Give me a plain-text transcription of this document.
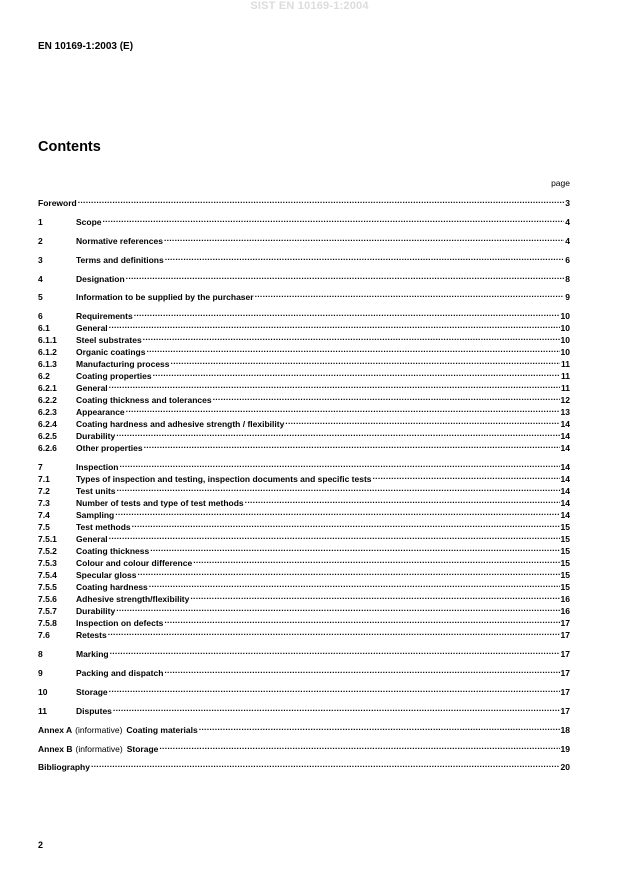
SIST EN 10169-1:2004
EN 10169-1:2003 (E)
Contents
page
Foreword .....	3
1	Scope .....	4
2	Normative references .....	4
3	Terms and definitions .....	6
4	Designation .....	8
5	Information to be supplied by the purchaser .....	9
6	Requirements .....	10
6.1	General .....	10
6.1.1	Steel substrates .....	10
6.1.2	Organic coatings .....	10
6.1.3	Manufacturing process .....	11
6.2	Coating properties .....	11
6.2.1	General .....	11
6.2.2	Coating thickness and tolerances .....	12
6.2.3	Appearance .....	13
6.2.4	Coating hardness and adhesive strength / flexibility .....	14
6.2.5	Durability .....	14
6.2.6	Other properties .....	14
7	Inspection .....	14
7.1	Types of inspection and testing, inspection documents and specific tests .....	14
7.2	Test units .....	14
7.3	Number of tests and type of test methods .....	14
7.4	Sampling .....	14
7.5	Test methods .....	15
7.5.1	General .....	15
7.5.2	Coating thickness .....	15
7.5.3	Colour and colour difference .....	15
7.5.4	Specular gloss .....	15
7.5.5	Coating hardness .....	15
7.5.6	Adhesive strength/flexibility .....	16
7.5.7	Durability .....	16
7.5.8	Inspection on defects .....	17
7.6	Retests .....	17
8	Marking .....	17
9	Packing and dispatch .....	17
10	Storage .....	17
11	Disputes .....	17
Annex A (informative) Coating materials .....	18
Annex B (informative) Storage .....	19
Bibliography .....	20
2
